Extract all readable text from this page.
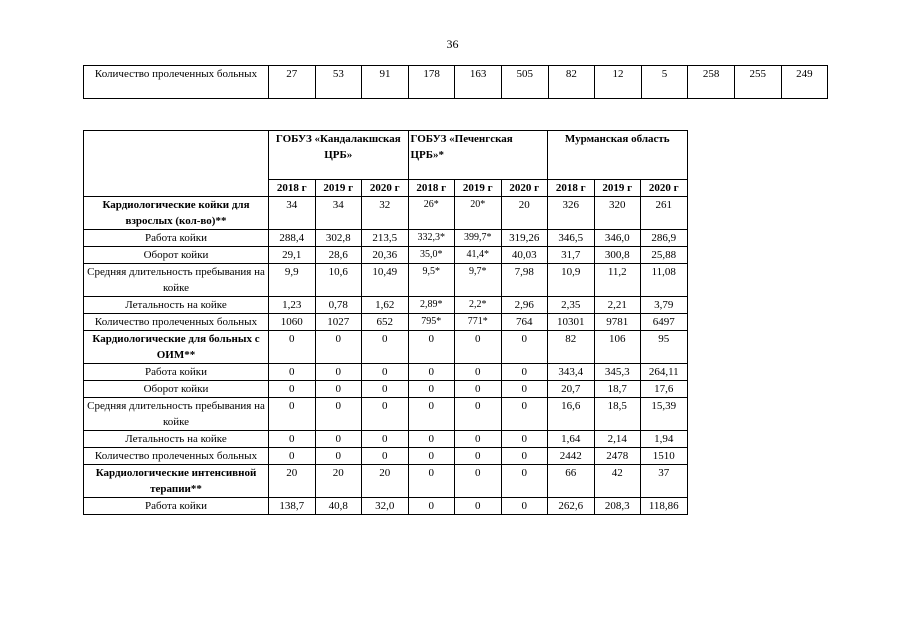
36
Количество пролеченных больных	27	53	91	178	163	505	82	12	5	258	255	249
	ГОБУЗ «Кандалакшская ЦРБ»			ГОБУЗ «Печенгская ЦРБ»*			Мурманская область		
	2018 г	2019 г	2020 г	2018 г	2019 г	2020 г	2018 г	2019 г	2020 г
Кардиологические койки для взрослых (кол-во)**	34	34	32	26*	20*	20	326	320	261
Работа койки	288,4	302,8	213,5	332,3*	399,7*	319,26	346,5	346,0	286,9
Оборот койки	29,1	28,6	20,36	35,0*	41,4*	40,03	31,7	300,8	25,88
Средняя длительность пребывания на койке	9,9	10,6	10,49	9,5*	9,7*	7,98	10,9	11,2	11,08
Летальность на койке	1,23	0,78	1,62	2,89*	2,2*	2,96	2,35	2,21	3,79
Количество пролеченных больных	1060	1027	652	795*	771*	764	10301	9781	6497
Кардиологические для больных с ОИМ**	0	0	0	0	0	0	82	106	95
Работа койки	0	0	0	0	0	0	343,4	345,3	264,11
Оборот койки	0	0	0	0	0	0	20,7	18,7	17,6
Средняя длительность пребывания на койке	0	0	0	0	0	0	16,6	18,5	15,39
Летальность на койке	0	0	0	0	0	0	1,64	2,14	1,94
Количество пролеченных больных	0	0	0	0	0	0	2442	2478	1510
Кардиологические интенсивной терапии**	20	20	20	0	0	0	66	42	37
Работа койки	138,7	40,8	32,0	0	0	0	262,6	208,3	118,86
